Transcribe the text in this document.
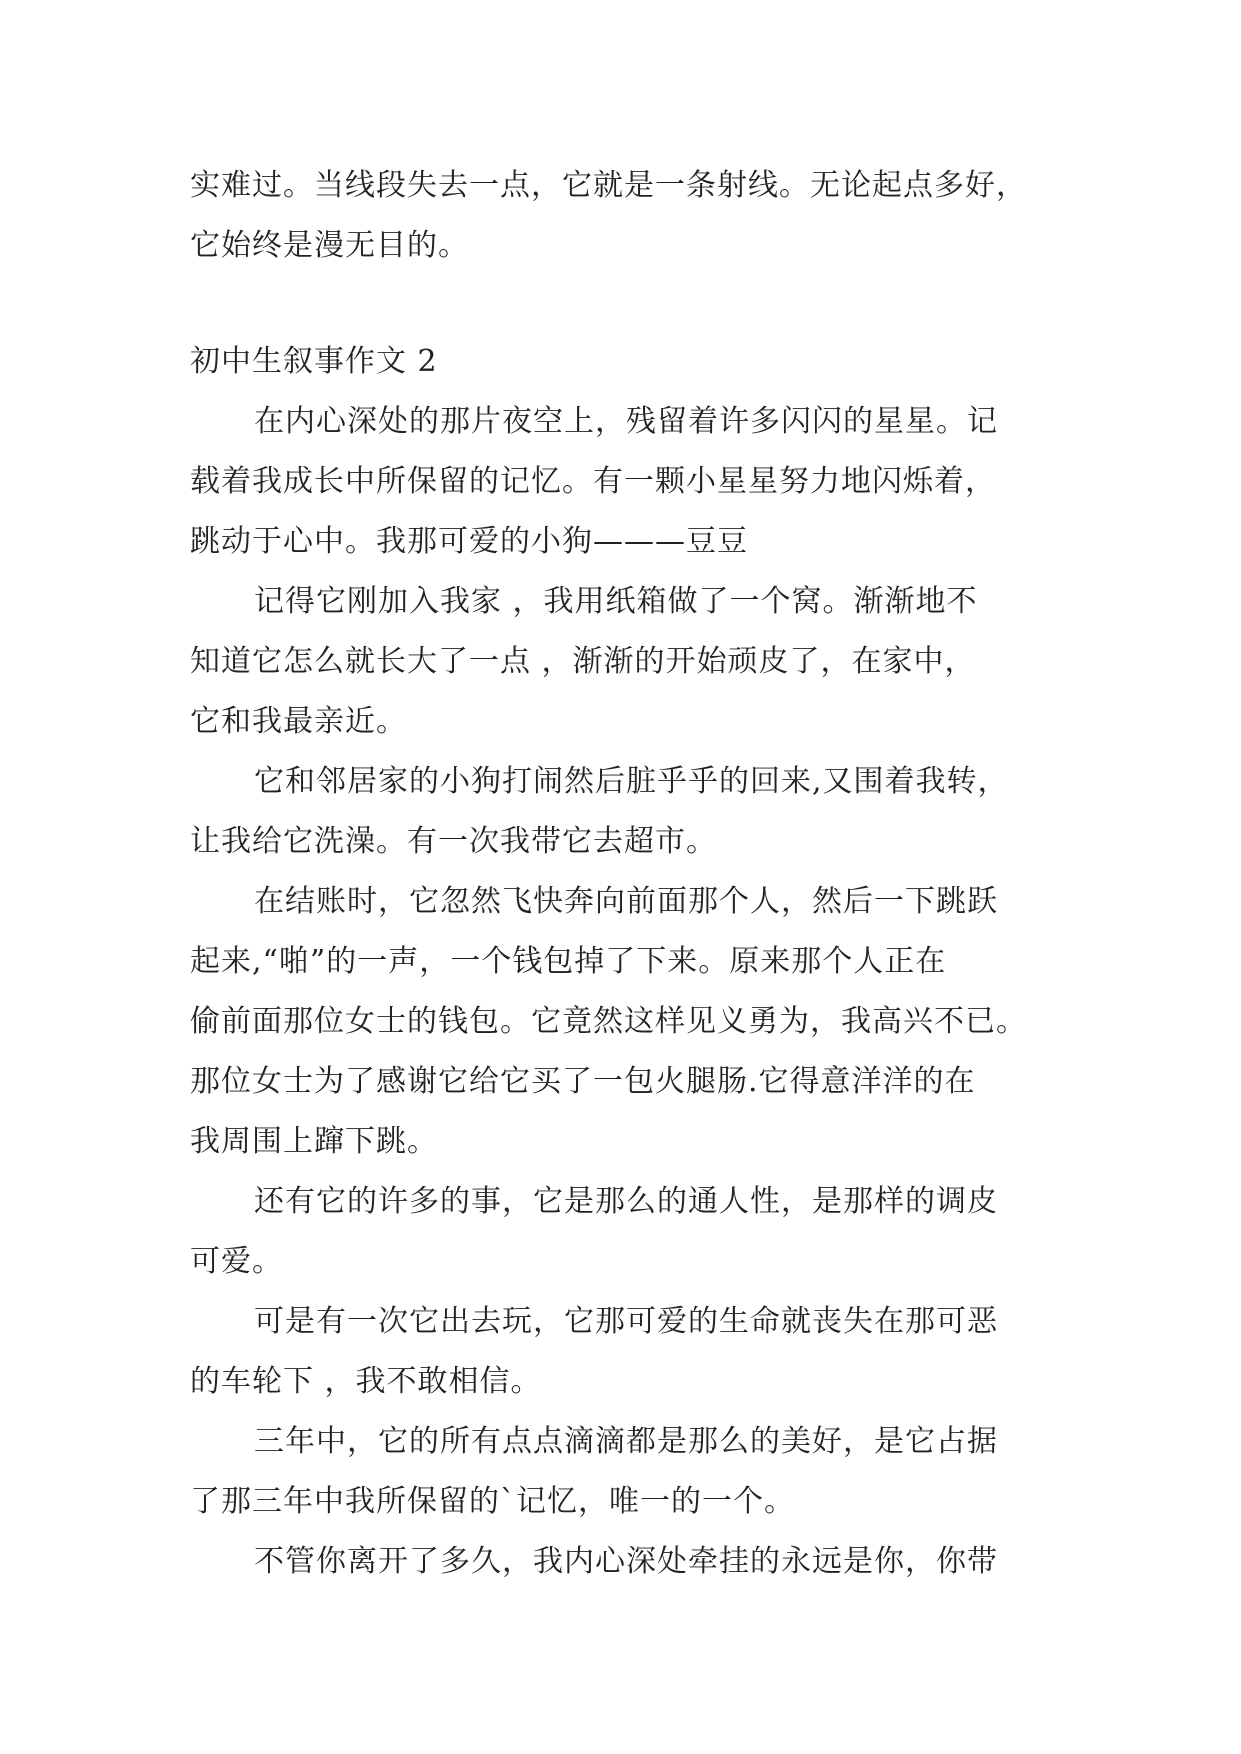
实难过。当线段失去一点，它就是一条射线。无论起点多好，
它始终是漫无目的。
初中生叙事作文 2
在内心深处的那片夜空上，残留着许多闪闪的星星。记
载着我成长中所保留的记忆。有一颗小星星努力地闪烁着，
跳动于心中。我那可爱的小狗———豆豆
记得它刚加入我家 ，我用纸箱做了一个窝。渐渐地不
知道它怎么就长大了一点 ，渐渐的开始顽皮了，在家中，
它和我最亲近。
它和邻居家的小狗打闹然后脏乎乎的回来,又围着我转，
让我给它洗澡。有一次我带它去超市。
在结账时，它忽然飞快奔向前面那个人，然后一下跳跃
起来,“啪”的一声，一个钱包掉了下来。原来那个人正在
偷前面那位女士的钱包。它竟然这样见义勇为，我高兴不已。
那位女士为了感谢它给它买了一包火腿肠.它得意洋洋的在
我周围上蹿下跳。
还有它的许多的事，它是那么的通人性，是那样的调皮
可爱。
可是有一次它出去玩，它那可爱的生命就丧失在那可恶
的车轮下 ，我不敢相信。
三年中，它的所有点点滴滴都是那么的美好，是它占据
了那三年中我所保留的`记忆，唯一的一个。
不管你离开了多久，我内心深处牵挂的永远是你，你带
